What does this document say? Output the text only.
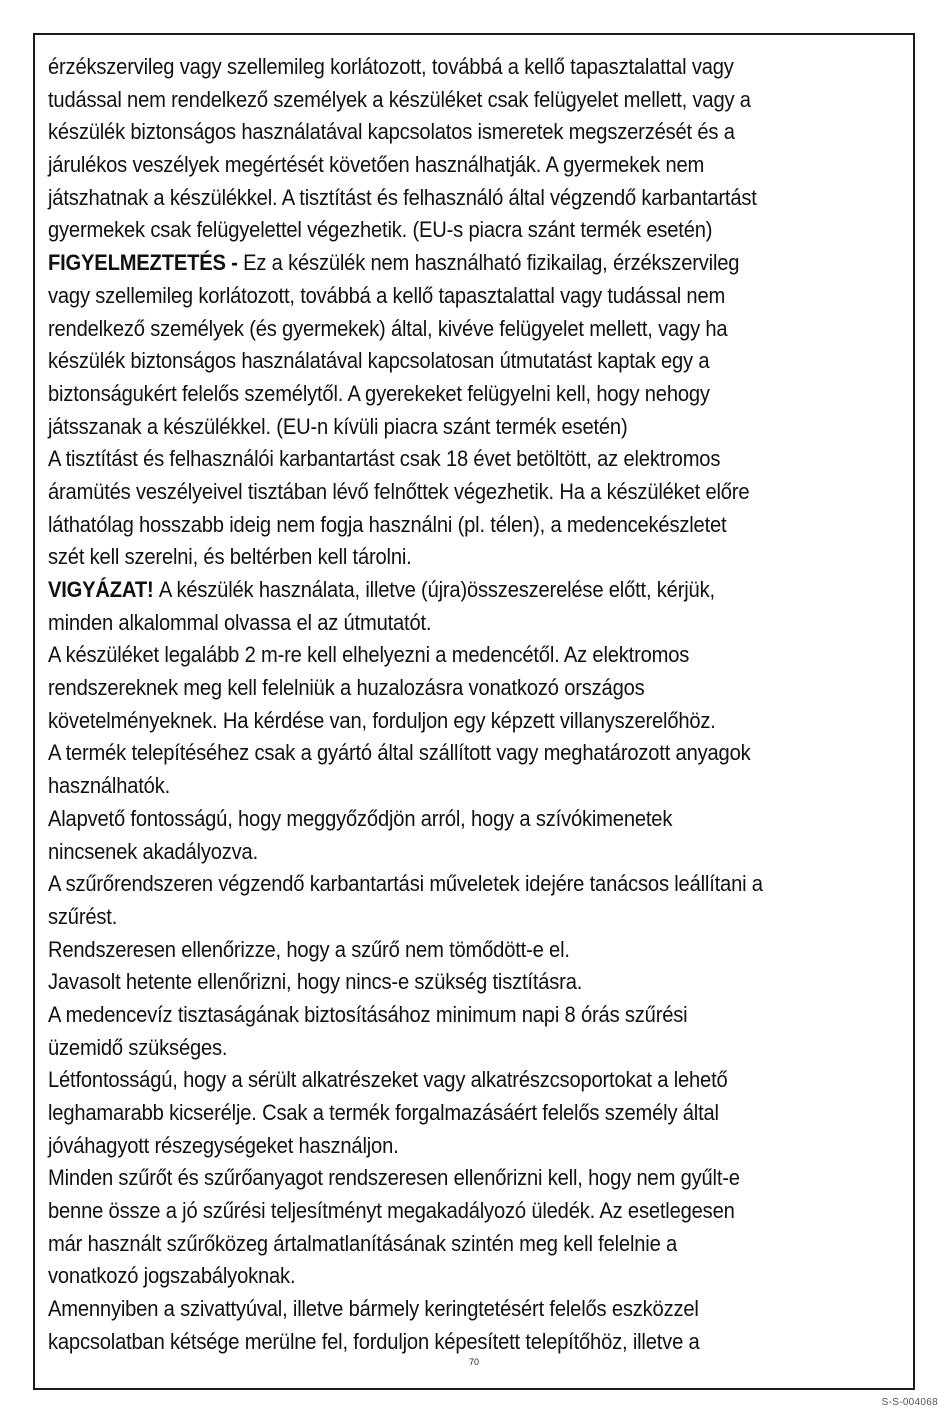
érzékszervileg vagy szellemileg korlátozott, továbbá a kellő tapasztalattal vagy
tudással nem rendelkező személyek a készüléket csak felügyelet mellett, vagy a
készülék biztonságos használatával kapcsolatos ismeretek megszerzését és a
járulékos veszélyek megértését követően használhatják. A gyermekek nem
játszhatnak a készülékkel. A tisztítást és felhasználó által végzendő karbantartást
gyermekek csak felügyelettel végezhetik. (EU-s piacra szánt termék esetén)
FIGYELMEZTETÉS - Ez a készülék nem használható fizikailag, érzékszervileg
vagy szellemileg korlátozott, továbbá a kellő tapasztalattal vagy tudással nem
rendelkező személyek (és gyermekek) által, kivéve felügyelet mellett, vagy ha
készülék biztonságos használatával kapcsolatosan útmutatást kaptak egy a
biztonságukért felelős személytől. A gyerekeket felügyelni kell, hogy nehogy
játsszanak a készülékkel. (EU-n kívüli piacra szánt termék esetén)
A tisztítást és felhasználói karbantartást csak 18 évet betöltött, az elektromos
áramütés veszélyeivel tisztában lévő felnőttek végezhetik. Ha a készüléket előre
láthatólag hosszabb ideig nem fogja használni (pl. télen), a medencekészletet
szét kell szerelni, és beltérben kell tárolni.
VIGYÁZAT! A készülék használata, illetve (újra)összeszerelése előtt, kérjük,
minden alkalommal olvassa el az útmutatót.
A készüléket legalább 2 m-re kell elhelyezni a medencétől. Az elektromos
rendszereknek meg kell felelniük a huzalozásra vonatkozó országos
követelményeknek. Ha kérdése van, forduljon egy képzett villanyszerelőhöz.
A termék telepítéséhez csak a gyártó által szállított vagy meghatározott anyagok
használhatók.
Alapvető fontosságú, hogy meggyőződjön arról, hogy a szívókimenetek
nincsenek akadályozva.
A szűrőrendszeren végzendő karbantartási műveletek idejére tanácsos leállítani a
szűrést.
Rendszeresen ellenőrizze, hogy a szűrő nem tömődött-e el.
Javasolt hetente ellenőrizni, hogy nincs-e szükség tisztításra.
A medencevíz tisztaságának biztosításához minimum napi 8 órás szűrési
üzemidő szükséges.
Létfontosságú, hogy a sérült alkatrészeket vagy alkatrészcsoportokat a lehető
leghamarabb kicserélje. Csak a termék forgalmazásáért felelős személy által
jóváhagyott részegységeket használjon.
Minden szűrőt és szűrőanyagot rendszeresen ellenőrizni kell, hogy nem gyűlt-e
benne össze a jó szűrési teljesítményt megakadályozó üledék. Az esetlegesen
már használt szűrőközeg ártalmatlanításának szintén meg kell felelnie a
vonatkozó jogszabályoknak.
Amennyiben a szivattyúval, illetve bármely keringtetésért felelős eszközzel
kapcsolatban kétsége merülne fel, forduljon képesített telepítőhöz, illetve a
70
S-S-004068
